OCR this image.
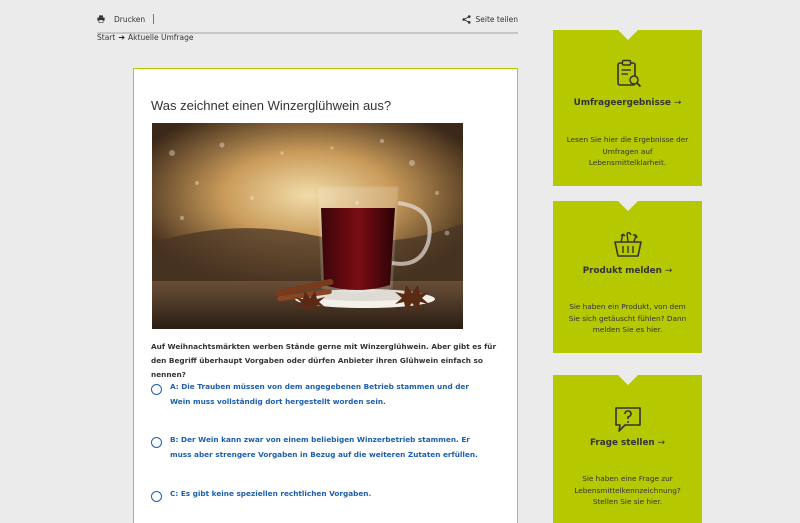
Drucken	Seite teilen
Start ➔ Aktuelle Umfrage
Was zeichnet einen Winzerglühwein aus?

Auf Weihnachtsmärkten werben Stände gerne mit Winzerglühwein. Aber gibt es für den Begriff überhaupt Vorgaben oder dürfen Anbieter ihren Glühwein einfach so nennen?

A: Die Trauben müssen von dem angegebenen Betrieb stammen und der Wein muss vollständig dort hergestellt worden sein.
B: Der Wein kann zwar von einem beliebigen Winzerbetrieb stammen. Er muss aber strengere Vorgaben in Bezug auf die weiteren Zutaten erfüllen.
C: Es gibt keine speziellen rechtlichen Vorgaben.
Umfrageergebnisse →
Lesen Sie hier die Ergebnisse der Umfragen auf Lebensmittelklarheit.
Produkt melden →
Sie haben ein Produkt, von dem Sie sich getäuscht fühlen? Dann melden Sie es hier.
Frage stellen →
Sie haben eine Frage zur Lebensmittelkennzeichnung? Stellen Sie sie hier.
